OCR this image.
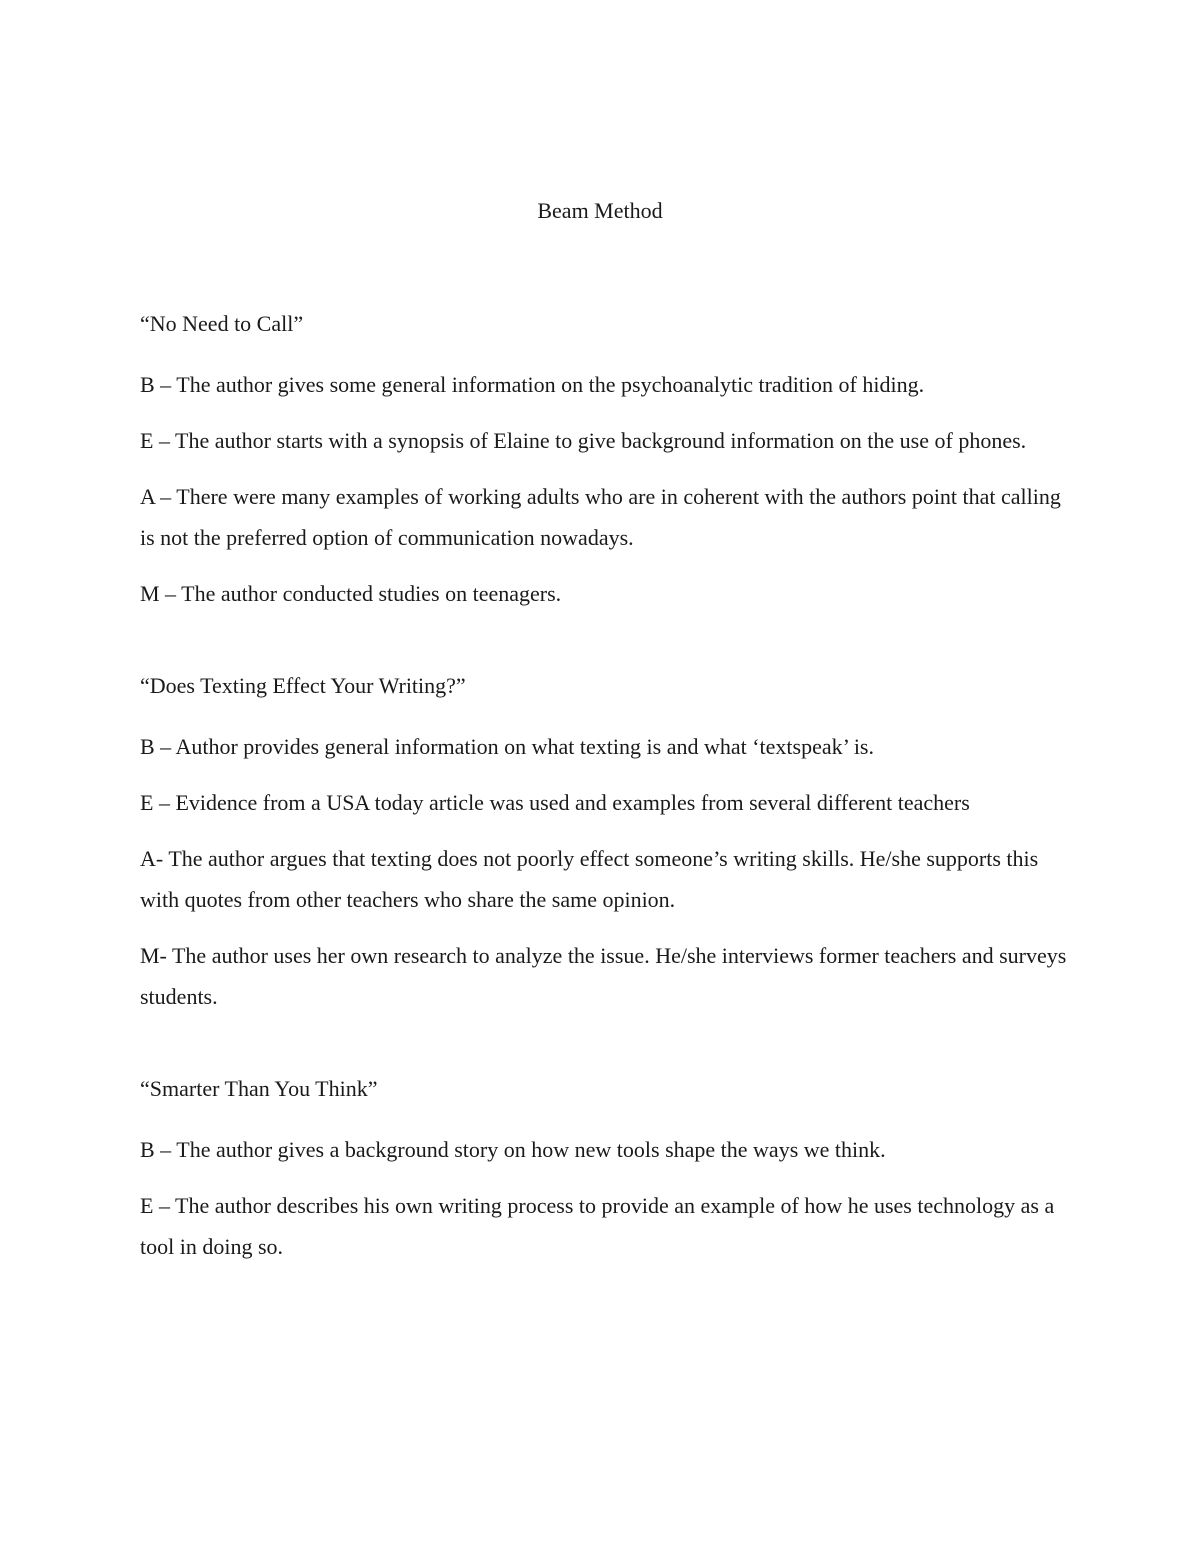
Beam Method

“No Need to Call”

B – The author gives some general information on the psychoanalytic tradition of hiding.

E – The author starts with a synopsis of Elaine to give background information on the use of phones.

A – There were many examples of working adults who are in coherent with the authors point that calling is not the preferred option of communication nowadays.

M – The author conducted studies on teenagers.

“Does Texting Effect Your Writing?”

B – Author provides general information on what texting is and what ‘textspeak’ is.

E – Evidence from a USA today article was used and examples from several different teachers

A- The author argues that texting does not poorly effect someone’s writing skills. He/she supports this with quotes from other teachers who share the same opinion.

M- The author uses her own research to analyze the issue. He/she interviews former teachers and surveys students.

“Smarter Than You Think”

B – The author gives a background story on how new tools shape the ways we think.

E – The author describes his own writing process to provide an example of how he uses technology as a tool in doing so.
